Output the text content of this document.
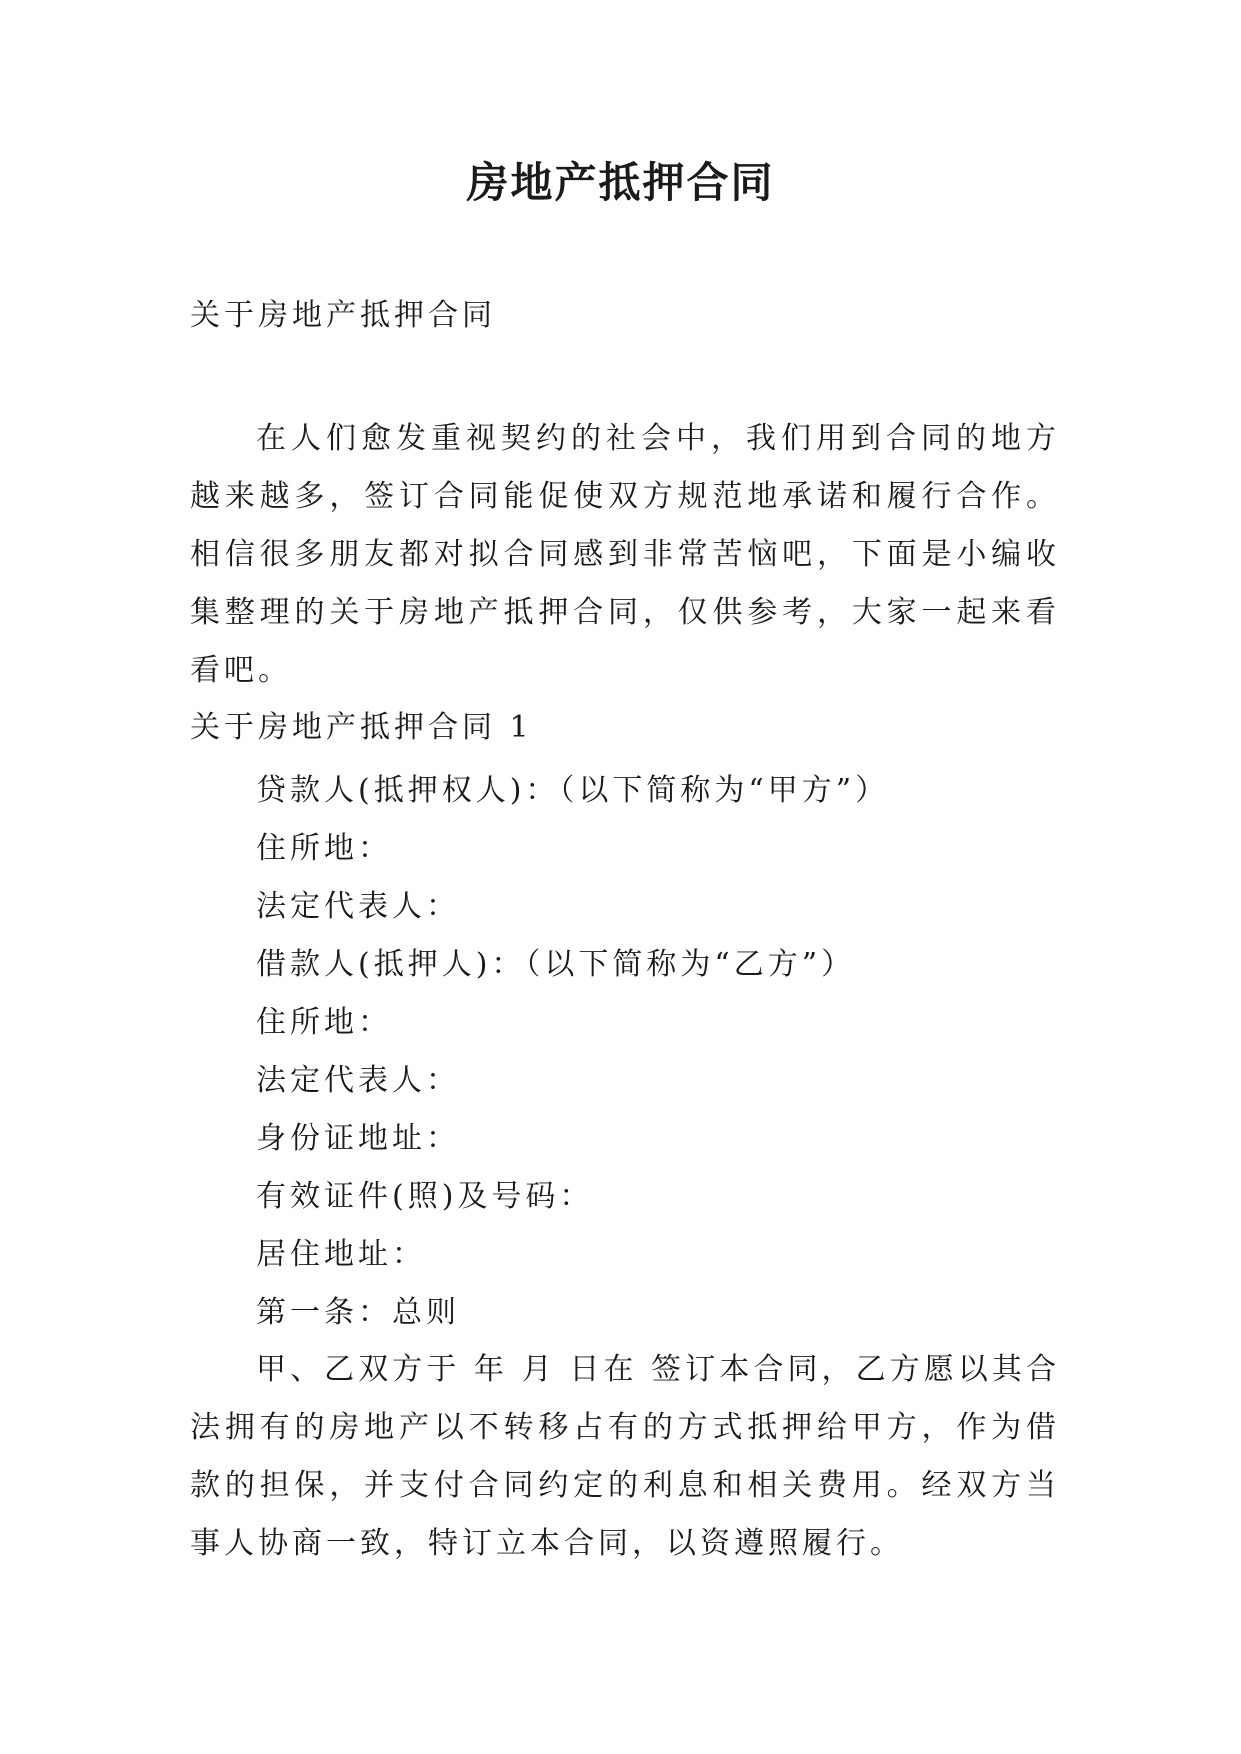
房地产抵押合同
关于房地产抵押合同

在人们愈发重视契约的社会中，我们用到合同的地方越来越多，签订合同能促使双方规范地承诺和履行合作。相信很多朋友都对拟合同感到非常苦恼吧，下面是小编收集整理的关于房地产抵押合同，仅供参考，大家一起来看看吧。

关于房地产抵押合同 1
贷款人(抵押权人)：（以下简称为“甲方”）
住所地：
法定代表人：
借款人(抵押人)：（以下简称为“乙方”）
住所地：
法定代表人：
身份证地址：
有效证件(照)及号码：
居住地址：
第一条：总则

甲、乙双方于 年 月 日在 签订本合同，乙方愿以其合法拥有的房地产以不转移占有的方式抵押给甲方，作为借款的担保，并支付合同约定的利息和相关费用。经双方当事人协商一致，特订立本合同，以资遵照履行。
